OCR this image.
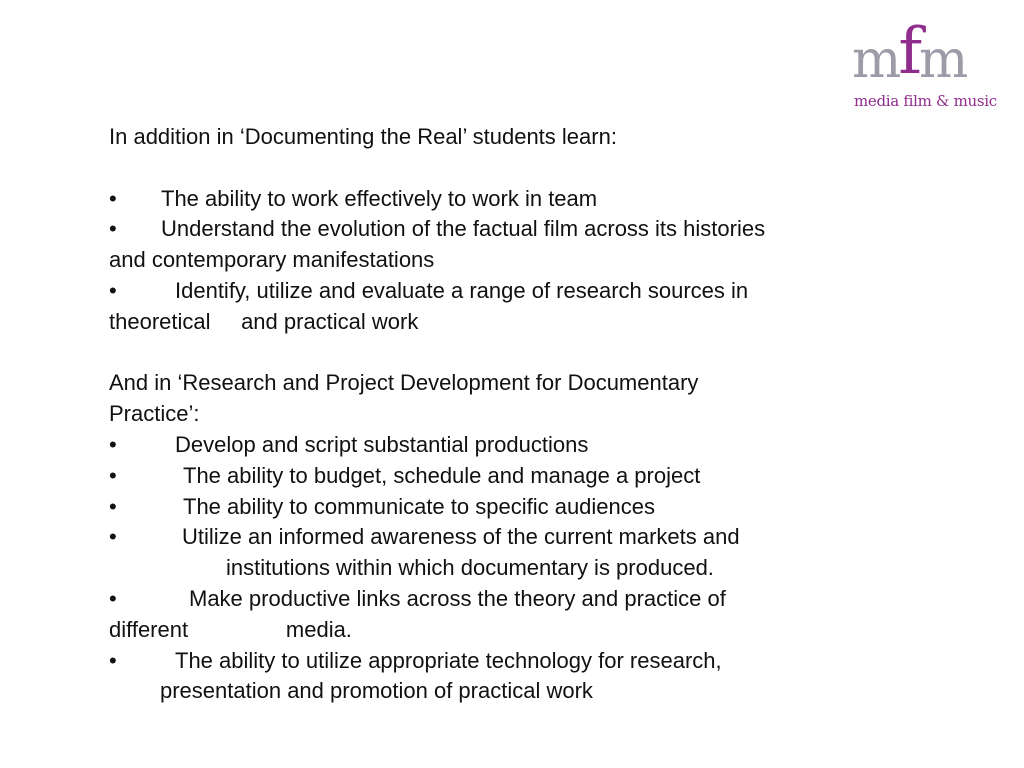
mfm
media film & music
In addition in ‘Documenting the Real’ students learn:
• The ability to work effectively to work in team
• Understand the evolution of the factual film across its histories
and contemporary manifestations
•	Identify, utilize and evaluate a range of research sources in
theoretical     and practical work
And in ‘Research and Project Development for Documentary
Practice’:
•	Develop and script substantial productions
•	The ability to budget, schedule and manage a project
•	The ability to communicate to specific audiences
•	Utilize an informed awareness of the current markets and
institutions within which documentary is produced.
•	Make productive links across the theory and practice of
different                media.
•	The ability to utilize appropriate technology for research,
presentation and promotion of practical work
